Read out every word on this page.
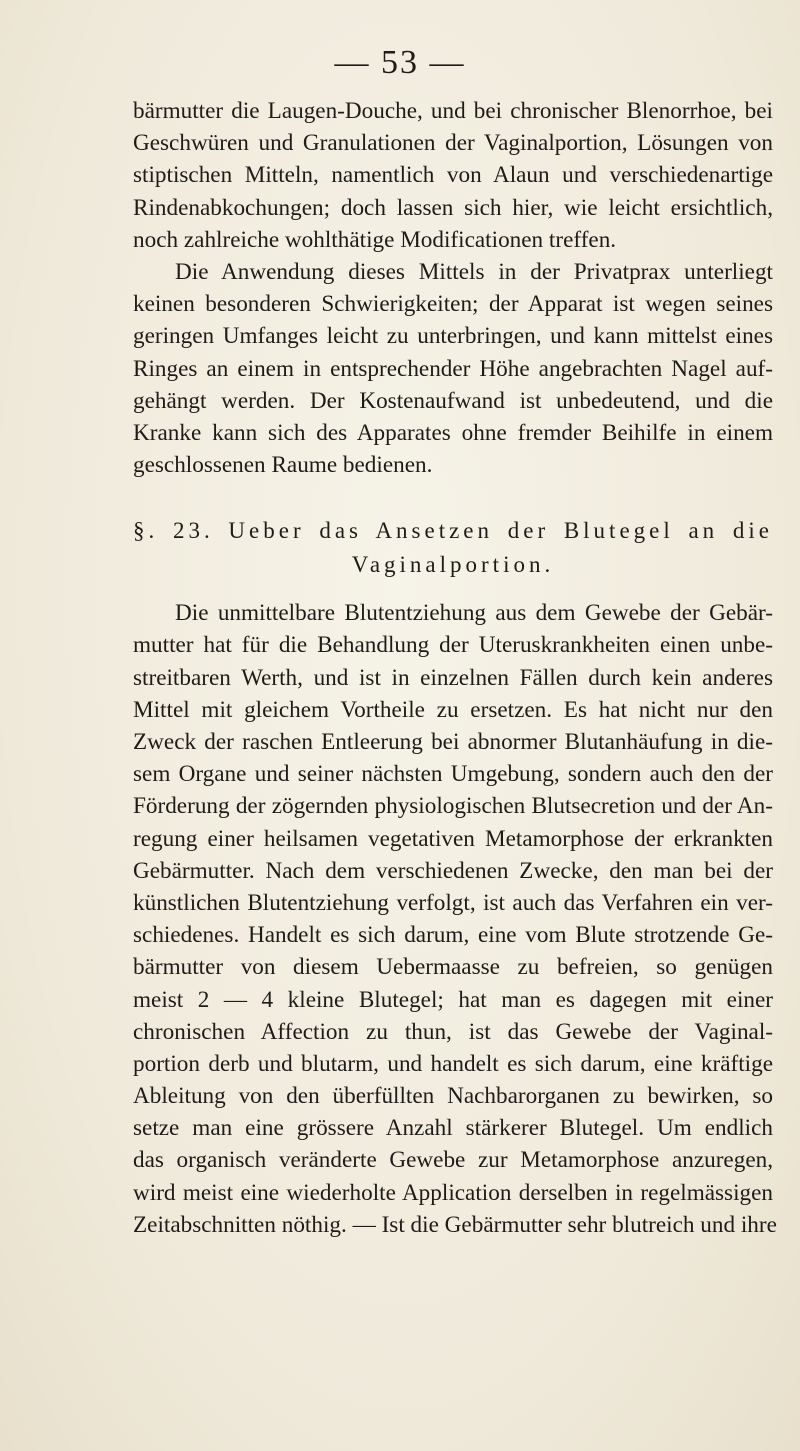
— 53 —
bärmutter die Laugen-Douche, und bei chronischer Blenorrhoe, bei
Geschwüren und Granulationen der Vaginalportion, Lösungen von
stiptischen Mitteln, namentlich von Alaun und verschiedenartige
Rindenabkochungen; doch lassen sich hier, wie leicht ersichtlich,
noch zahlreiche wohlthätige Modificationen treffen.
Die Anwendung dieses Mittels in der Privatprax unterliegt
keinen besonderen Schwierigkeiten; der Apparat ist wegen seines
geringen Umfanges leicht zu unterbringen, und kann mittelst eines
Ringes an einem in entsprechender Höhe angebrachten Nagel auf-
gehängt werden. Der Kostenaufwand ist unbedeutend, und die
Kranke kann sich des Apparates ohne fremder Beihilfe in einem
geschlossenen Raume bedienen.
§. 23. Ueber das Ansetzen der Blutegel an die
Vaginalportion.
Die unmittelbare Blutentziehung aus dem Gewebe der Gebär-
mutter hat für die Behandlung der Uteruskrankheiten einen unbe-
streitbaren Werth, und ist in einzelnen Fällen durch kein anderes
Mittel mit gleichem Vortheile zu ersetzen. Es hat nicht nur den
Zweck der raschen Entleerung bei abnormer Blutanhäufung in die-
sem Organe und seiner nächsten Umgebung, sondern auch den der
Förderung der zögernden physiologischen Blutsecretion und der An-
regung einer heilsamen vegetativen Metamorphose der erkrankten
Gebärmutter. Nach dem verschiedenen Zwecke, den man bei der
künstlichen Blutentziehung verfolgt, ist auch das Verfahren ein ver-
schiedenes. Handelt es sich darum, eine vom Blute strotzende Ge-
bärmutter von diesem Uebermaasse zu befreien, so genügen
meist 2 — 4 kleine Blutegel; hat man es dagegen mit einer
chronischen Affection zu thun, ist das Gewebe der Vaginal-
portion derb und blutarm, und handelt es sich darum, eine kräftige
Ableitung von den überfüllten Nachbarorganen zu bewirken, so
setze man eine grössere Anzahl stärkerer Blutegel. Um endlich
das organisch veränderte Gewebe zur Metamorphose anzuregen,
wird meist eine wiederholte Application derselben in regelmässigen
Zeitabschnitten nöthig. — Ist die Gebärmutter sehr blutreich und ihre
